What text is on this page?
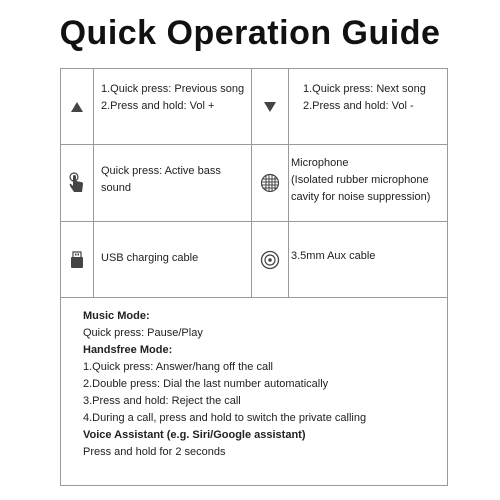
Quick Operation Guide
1.Quick press: Previous song
2.Press and hold: Vol +
1.Quick press: Next song
2.Press and hold: Vol -
Quick press: Active bass
sound
Microphone
(Isolated rubber microphone
cavity for noise suppression)
USB charging cable	3.5mm Aux cable
Music Mode:
Quick press: Pause/Play
Handsfree Mode:
1.Quick press: Answer/hang off the call
2.Double press: Dial the last number automatically
3.Press and hold: Reject the call
4.During a call, press and hold to switch the private calling
Voice Assistant (e.g. Siri/Google assistant)
Press and hold for 2 seconds
